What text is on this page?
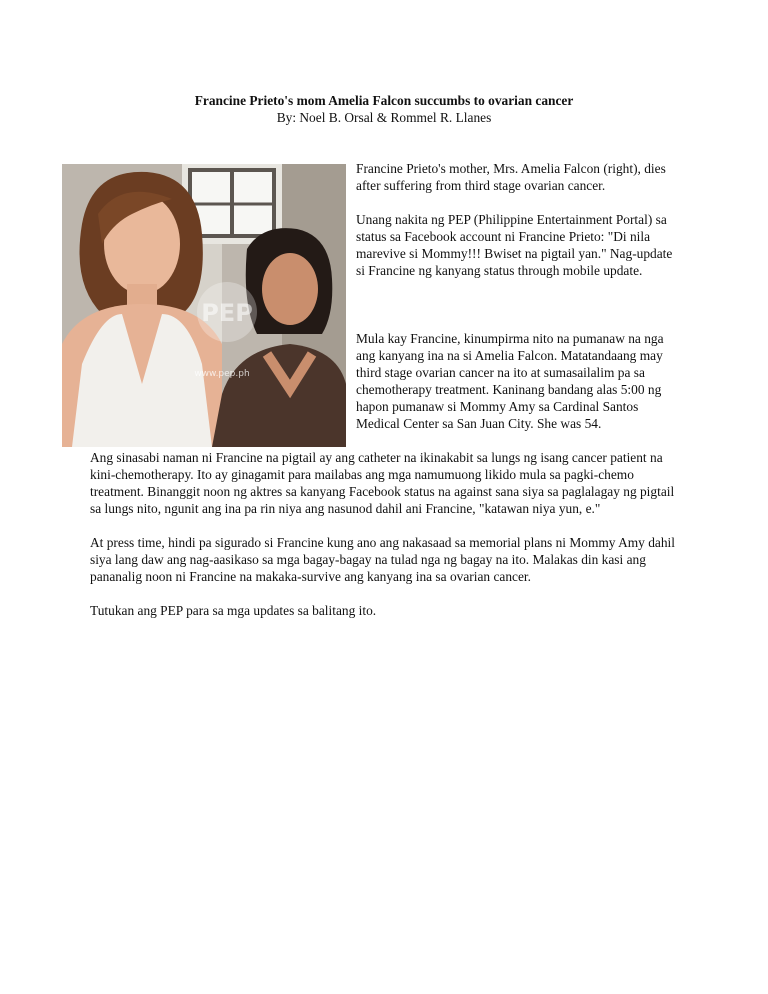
Francine Prieto's mom Amelia Falcon succumbs to ovarian cancer
By: Noel B. Orsal & Rommel R. Llanes
PEP
www.pep.ph

Francine Prieto's mother, Mrs. Amelia Falcon (right), dies after suffering from third stage ovarian cancer.

Unang nakita ng PEP (Philippine Entertainment Portal) sa status sa Facebook account ni Francine Prieto: "Di nila marevive si Mommy!!! Bwiset na pigtail yan." Nag-update si Francine ng kanyang status through mobile update.

Mula kay Francine, kinumpirma nito na pumanaw na nga ang kanyang ina na si Amelia Falcon. Matatandaang may third stage ovarian cancer na ito at sumasailalim pa sa chemotherapy treatment. Kaninang bandang alas 5:00 ng hapon pumanaw si Mommy Amy sa Cardinal Santos Medical Center sa San Juan City. She was 54.

Ang sinasabi naman ni Francine na pigtail ay ang catheter na ikinakabit sa lungs ng isang cancer patient na kini-chemotherapy. Ito ay ginagamit para mailabas ang mga namumuong likido mula sa pagki-chemo treatment. Binanggit noon ng aktres sa kanyang Facebook status na against sana siya sa paglalagay ng pigtail sa lungs nito, ngunit ang ina pa rin niya ang nasunod dahil ani Francine, "katawan niya yun, e."

At press time, hindi pa sigurado si Francine kung ano ang nakasaad sa memorial plans ni Mommy Amy dahil siya lang daw ang nag-aasikaso sa mga bagay-bagay na tulad nga ng bagay na ito. Malakas din kasi ang pananalig noon ni Francine na makaka-survive ang kanyang ina sa ovarian cancer.

Tutukan ang PEP para sa mga updates sa balitang ito.
